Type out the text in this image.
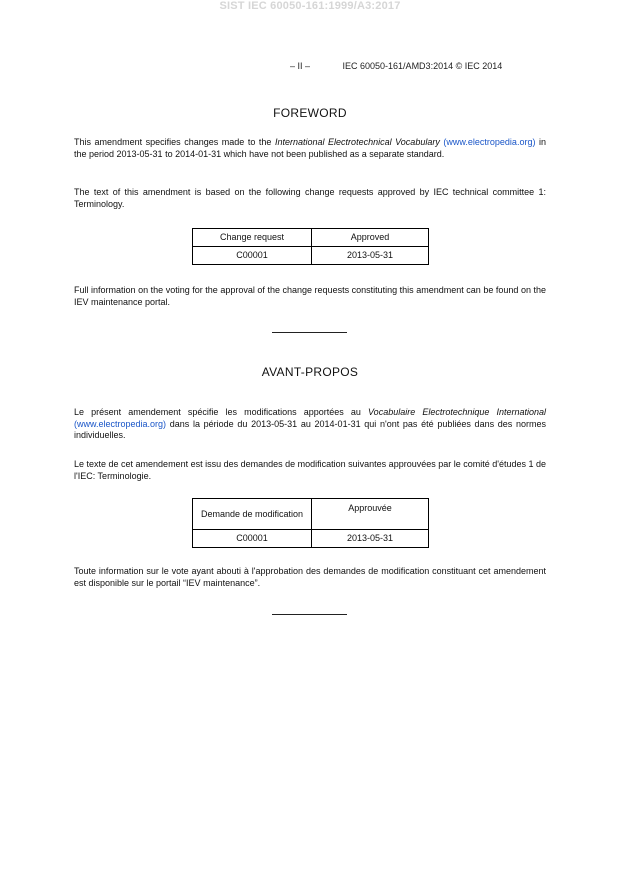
SIST IEC 60050-161:1999/A3:2017
– II –	IEC 60050-161/AMD3:2014 © IEC 2014
FOREWORD

This amendment specifies changes made to the International Electrotechnical Vocabulary (www.electropedia.org) in the period 2013-05-31 to 2014-01-31 which have not been published as a separate standard.

The text of this amendment is based on the following change requests approved by IEC technical committee 1: Terminology.

Change request	Approved
C00001	2013-05-31

Full information on the voting for the approval of the change requests constituting this amendment can be found on the IEV maintenance portal.

AVANT-PROPOS

Le présent amendement spécifie les modifications apportées au Vocabulaire Electrotechnique International (www.electropedia.org) dans la période du 2013-05-31 au 2014-01-31 qui n'ont pas été publiées dans des normes individuelles.

Le texte de cet amendement est issu des demandes de modification suivantes approuvées par le comité d'études 1 de l'IEC: Terminologie.

Demande de modification	Approuvée
C00001	2013-05-31

Toute information sur le vote ayant abouti à l'approbation des demandes de modification constituant cet amendement est disponible sur le portail “IEV maintenance”.
